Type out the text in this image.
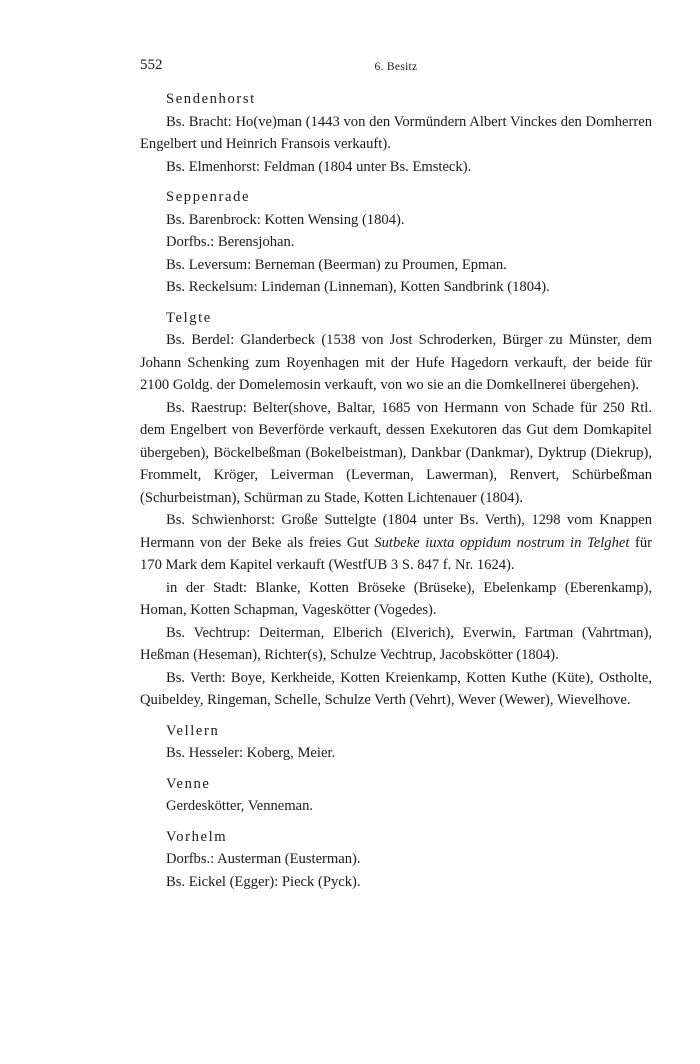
552	6. Besitz
Sendenhorst
Bs. Bracht: Ho(ve)man (1443 von den Vormündern Albert Vinckes den Domherren Engelbert und Heinrich Fransois verkauft).
Bs. Elmenhorst: Feldman (1804 unter Bs. Emsteck).
Seppenrade
Bs. Barenbrock: Kotten Wensing (1804).
Dorfbs.: Berensjohan.
Bs. Leversum: Berneman (Beerman) zu Proumen, Epman.
Bs. Reckelsum: Lindeman (Linneman), Kotten Sandbrink (1804).
Telgte
Bs. Berdel: Glanderbeck (1538 von Jost Schroderken, Bürger zu Münster, dem Johann Schenking zum Royenhagen mit der Hufe Hagedorn verkauft, der beide für 2100 Goldg. der Domelemosin verkauft, von wo sie an die Domkellnerei übergehen).
Bs. Raestrup: Belter(shove, Baltar, 1685 von Hermann von Schade für 250 Rtl. dem Engelbert von Beverförde verkauft, dessen Exekutoren das Gut dem Domkapitel übergeben), Böckelbeßman (Bokelbeistman), Dankbar (Dankmar), Dyktrup (Diekrup), Frommelt, Kröger, Leiverman (Leverman, Lawerman), Renvert, Schürbeßman (Schurbeistman), Schürman zu Stade, Kotten Lichtenauer (1804).
Bs. Schwienhorst: Große Suttelgte (1804 unter Bs. Verth), 1298 vom Knappen Hermann von der Beke als freies Gut Sutbeke iuxta oppidum nostrum in Telghet für 170 Mark dem Kapitel verkauft (WestfUB 3 S. 847 f. Nr. 1624).
in der Stadt: Blanke, Kotten Bröseke (Brüseke), Ebelenkamp (Eberenkamp), Homan, Kotten Schapman, Vageskötter (Vogedes).
Bs. Vechtrup: Deiterman, Elberich (Elverich), Everwin, Fartman (Vahrtman), Heßman (Heseman), Richter(s), Schulze Vechtrup, Jacobskötter (1804).
Bs. Verth: Boye, Kerkheide, Kotten Kreienkamp, Kotten Kuthe (Küte), Ostholte, Quibeldey, Ringeman, Schelle, Schulze Verth (Vehrt), Wever (Wewer), Wievelhove.
Vellern
Bs. Hesseler: Koberg, Meier.
Venne
Gerdeskötter, Venneman.
Vorhelm
Dorfbs.: Austerman (Eusterman).
Bs. Eickel (Egger): Pieck (Pyck).
